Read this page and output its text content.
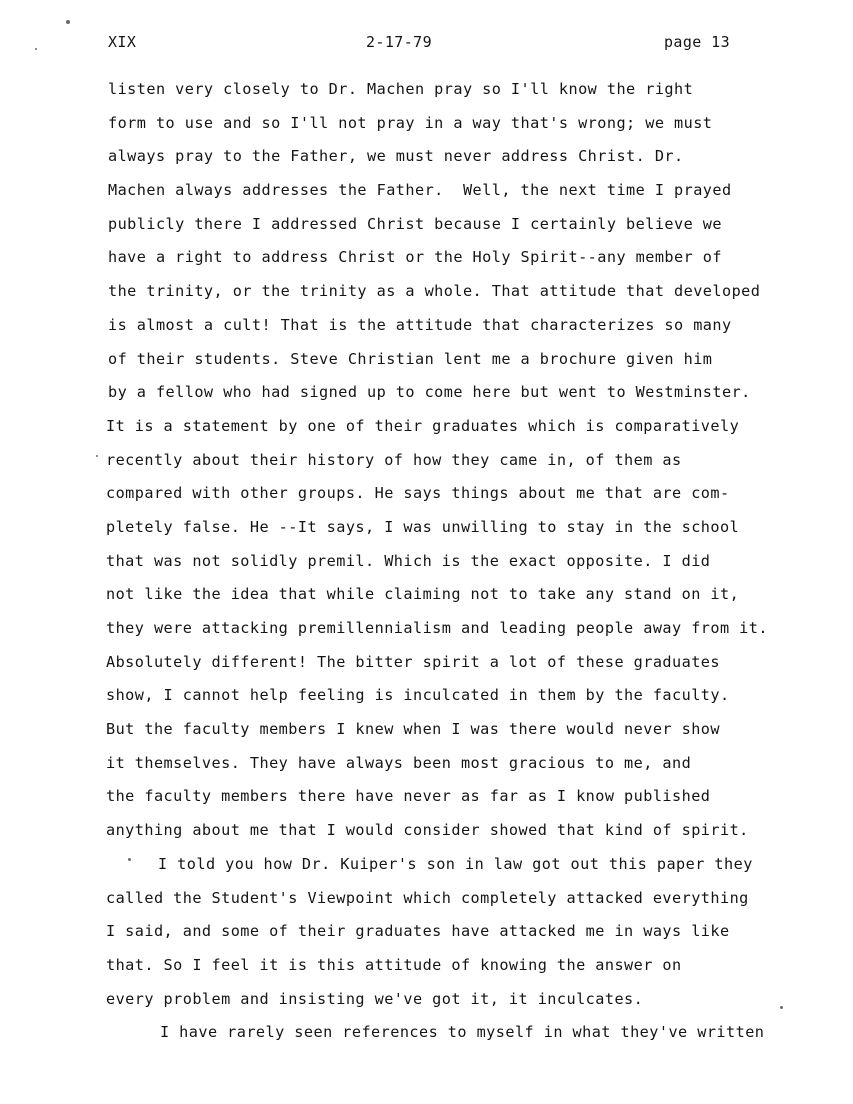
XIX	2-17-79	page 13
listen very closely to Dr. Machen pray so I'll know the right
form to use and so I'll not pray in a way that's wrong; we must
always pray to the Father, we must never address Christ. Dr.
Machen always addresses the Father.  Well, the next time I prayed
publicly there I addressed Christ because I certainly believe we
have a right to address Christ or the Holy Spirit--any member of
the trinity, or the trinity as a whole. That attitude that developed
is almost a cult! That is the attitude that characterizes so many
of their students. Steve Christian lent me a brochure given him
by a fellow who had signed up to come here but went to Westminster.
It is a statement by one of their graduates which is comparatively
recently about their history of how they came in, of them as
compared with other groups. He says things about me that are com-
pletely false. He --It says, I was unwilling to stay in the school
that was not solidly premil. Which is the exact opposite. I did
not like the idea that while claiming not to take any stand on it,
they were attacking premillennialism and leading people away from it.
Absolutely different! The bitter spirit a lot of these graduates
show, I cannot help feeling is inculcated in them by the faculty.
But the faculty members I knew when I was there would never show
it themselves. They have always been most gracious to me, and
the faculty members there have never as far as I know published
anything about me that I would consider showed that kind of spirit.
I told you how Dr. Kuiper's son in law got out this paper they
called the Student's Viewpoint which completely attacked everything
I said, and some of their graduates have attacked me in ways like
that. So I feel it is this attitude of knowing the answer on
every problem and insisting we've got it, it inculcates.
I have rarely seen references to myself in what they've written
